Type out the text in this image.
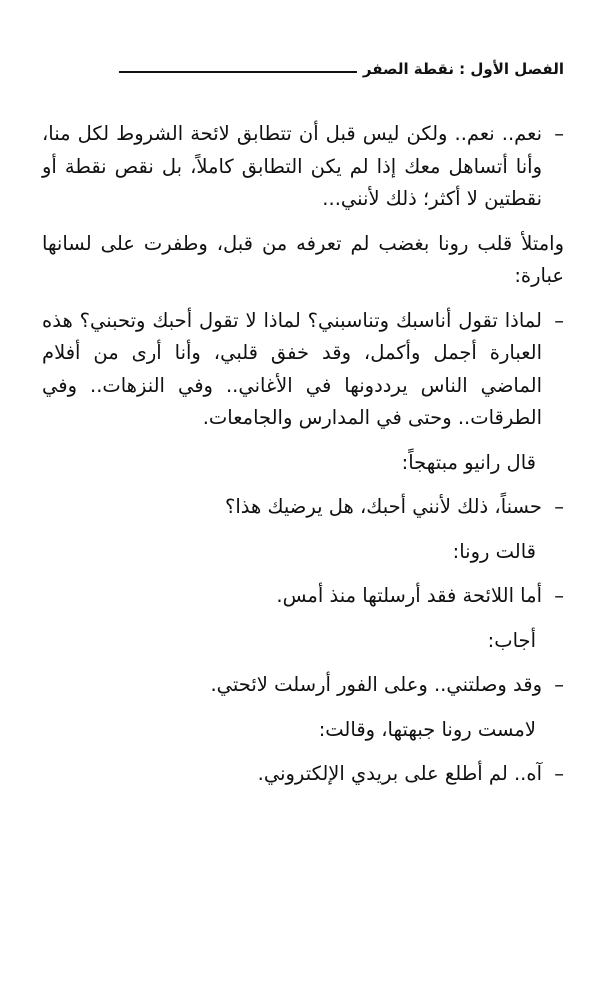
الفصل الأول : نقطة الصفر

–
نعم.. نعم.. ولكن ليس قبل أن تتطابق لائحة الشروط لكل منا، وأنا أتساهل معك إذا لم يكن التطابق كاملاً، بل نقص نقطة أو نقطتين لا أكثر؛ ذلك لأنني...

وامتلأ قلب رونا بغضب لم تعرفه من قبل، وطفرت على لسانها عبارة:

–
لماذا تقول أناسبك وتناسبني؟ لماذا لا تقول أحبك وتحبني؟ هذه العبارة أجمل وأكمل، وقد خفق قلبي، وأنا أرى من أفلام الماضي الناس يرددونها في الأغاني.. وفي النزهات.. وفي الطرقات.. وحتى في المدارس والجامعات.

قال رانيو مبتهجاً:

–
حسناً، ذلك لأنني أحبك، هل يرضيك هذا؟

قالت رونا:

–
أما اللائحة فقد أرسلتها منذ أمس.

أجاب:

–
وقد وصلتني.. وعلى الفور أرسلت لائحتي.

لامست رونا جبهتها، وقالت:

–
آه.. لم أطلع على بريدي الإلكتروني.
